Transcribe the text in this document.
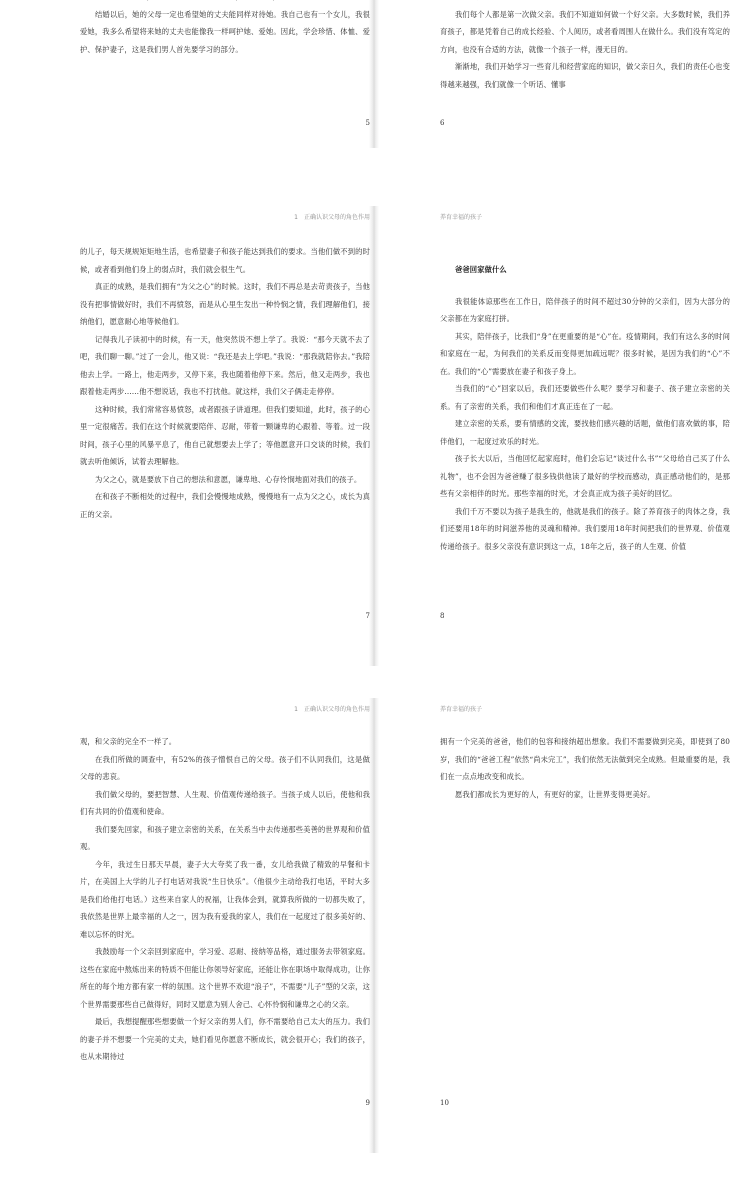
结婚以后，她的父母一定也希望她的丈夫能同样对待她。我自己也有一个女儿，我很爱她，我多么希望将来她的丈夫也能像我一样呵护她、爱她。因此，学会珍惜、体恤、爱护、保护妻子，这是我们男人首先要学习的部分。

5

我们每个人都是第一次做父亲。我们不知道如何做一个好父亲。大多数时候，我们养育孩子，都是凭着自己的成长经验、个人阅历，或者看周围人在做什么。我们没有笃定的方向，也没有合适的方法，就像一个孩子一样，漫无目的。

渐渐地，我们开始学习一些育儿和经营家庭的知识，做父亲日久，我们的责任心也变得越来越强，我们就像一个听话、懂事

6
1　正确认识父母的角色作用

的儿子，每天规规矩矩地生活，也希望妻子和孩子能达到我们的要求。当他们做不到的时候，或者看到他们身上的弱点时，我们就会很生气。

真正的成熟，是我们拥有“为父之心”的时候。这时，我们不再总是去苛责孩子，当他没有把事情做好时，我们不再愤怒，而是从心里生发出一种怜悯之情，我们理解他们，接纳他们，愿意耐心地等候他们。

记得我儿子读初中的时候，有一天，他突然说不想上学了。我说：“那今天就不去了吧，我们聊一聊。”过了一会儿，他又说：“我还是去上学吧。”我说：“那我就陪你去。”我陪他去上学。一路上，他走两步，又停下来，我也随着他停下来。然后，他又走两步，我也跟着他走两步……他不想说话，我也不打扰他。就这样，我们父子俩走走停停。

这种时候，我们常常容易愤怒，或者跟孩子讲道理。但我们要知道，此时，孩子的心里一定很痛苦。我们在这个时候就要陪伴、忍耐，带着一颗谦卑的心跟着、等着。过一段时间，孩子心里的风暴平息了，他自己就想要去上学了；等他愿意开口交谈的时候，我们就去听他倾诉，试着去理解他。

为父之心，就是要放下自己的想法和意愿，谦卑地、心存怜悯地面对我们的孩子。

在和孩子不断相处的过程中，我们会慢慢地成熟，慢慢地有一点为父之心，成长为真正的父亲。

7
养育幸福的孩子

爸爸回家做什么

我很能体谅那些在工作日，陪伴孩子的时间不超过30分钟的父亲们，因为大部分的父亲都在为家庭打拼。

其实，陪伴孩子，比我们“身”在更重要的是“心”在。疫情期间，我们有这么多的时间和家庭在一起，为何我们的关系反而变得更加疏远呢？很多时候，是因为我们的“心”不在。我们的“心”需要放在妻子和孩子身上。

当我们的“心”回家以后，我们还要做些什么呢？要学习和妻子、孩子建立亲密的关系。有了亲密的关系，我们和他们才真正连在了一起。

建立亲密的关系，要有情感的交流，要找他们感兴趣的话题，做他们喜欢做的事，陪伴他们，一起度过欢乐的时光。

孩子长大以后，当他回忆起家庭时，他们会忘记“谈过什么书”“父母给自己买了什么礼物”，也不会因为爸爸赚了很多钱供他读了最好的学校而感动，真正感动他们的，是那些有父亲相伴的时光。那些幸福的时光，才会真正成为孩子美好的回忆。

我们千万不要以为孩子是我生的，他就是我们的孩子。除了养育孩子的肉体之身，我们还要用18年的时间滋养他的灵魂和精神。我们要用18年时间把我们的世界观、价值观传递给孩子。很多父亲没有意识到这一点，18年之后，孩子的人生观、价值

8
1　正确认识父母的角色作用

观，和父亲的完全不一样了。

在我们所做的调查中，有52%的孩子憎恨自己的父母。孩子们不认同我们，这是做父母的悲哀。

我们做父母的，要把智慧、人生观、价值观传递给孩子。当孩子成人以后，使他和我们有共同的价值观和使命。

我们要先回家，和孩子建立亲密的关系，在关系当中去传递那些美善的世界观和价值观。

今年，我过生日那天早晨，妻子大大夸奖了我一番，女儿给我做了精致的早餐和卡片，在美国上大学的儿子打电话对我说“生日快乐”。（他很少主动给我打电话，平时大多是我们给他打电话。）这些来自家人的祝福，让我体会到，就算我所做的一切都失败了，我依然是世界上最幸福的人之一，因为我有爱我的家人，我们在一起度过了很多美好的、难以忘怀的时光。

我鼓励每一个父亲回到家庭中，学习爱、忍耐、接纳等品格，通过服务去带领家庭。这些在家庭中熬炼出来的特质不但能让你领导好家庭，还能让你在职场中取得成功，让你所在的每个地方都有家一样的氛围。这个世界不欢迎“浪子”，不需要“儿子”型的父亲，这个世界需要那些自己做得好，同时又愿意为别人舍己、心怀怜悯和谦卑之心的父亲。

最后，我想提醒那些想要做一个好父亲的男人们，你不需要给自己太大的压力。我们的妻子并不想要一个完美的丈夫，她们看见你愿意不断成长，就会很开心；我们的孩子，也从未期待过

9
养育幸福的孩子

拥有一个完美的爸爸，他们的包容和接纳超出想象。我们不需要做到完美，即使到了80岁，我们的“爸爸工程”依然“尚未完工”，我们依然无法做到完全成熟。但最重要的是，我们在一点点地改变和成长。

愿我们都成长为更好的人，有更好的家，让世界变得更美好。

10
